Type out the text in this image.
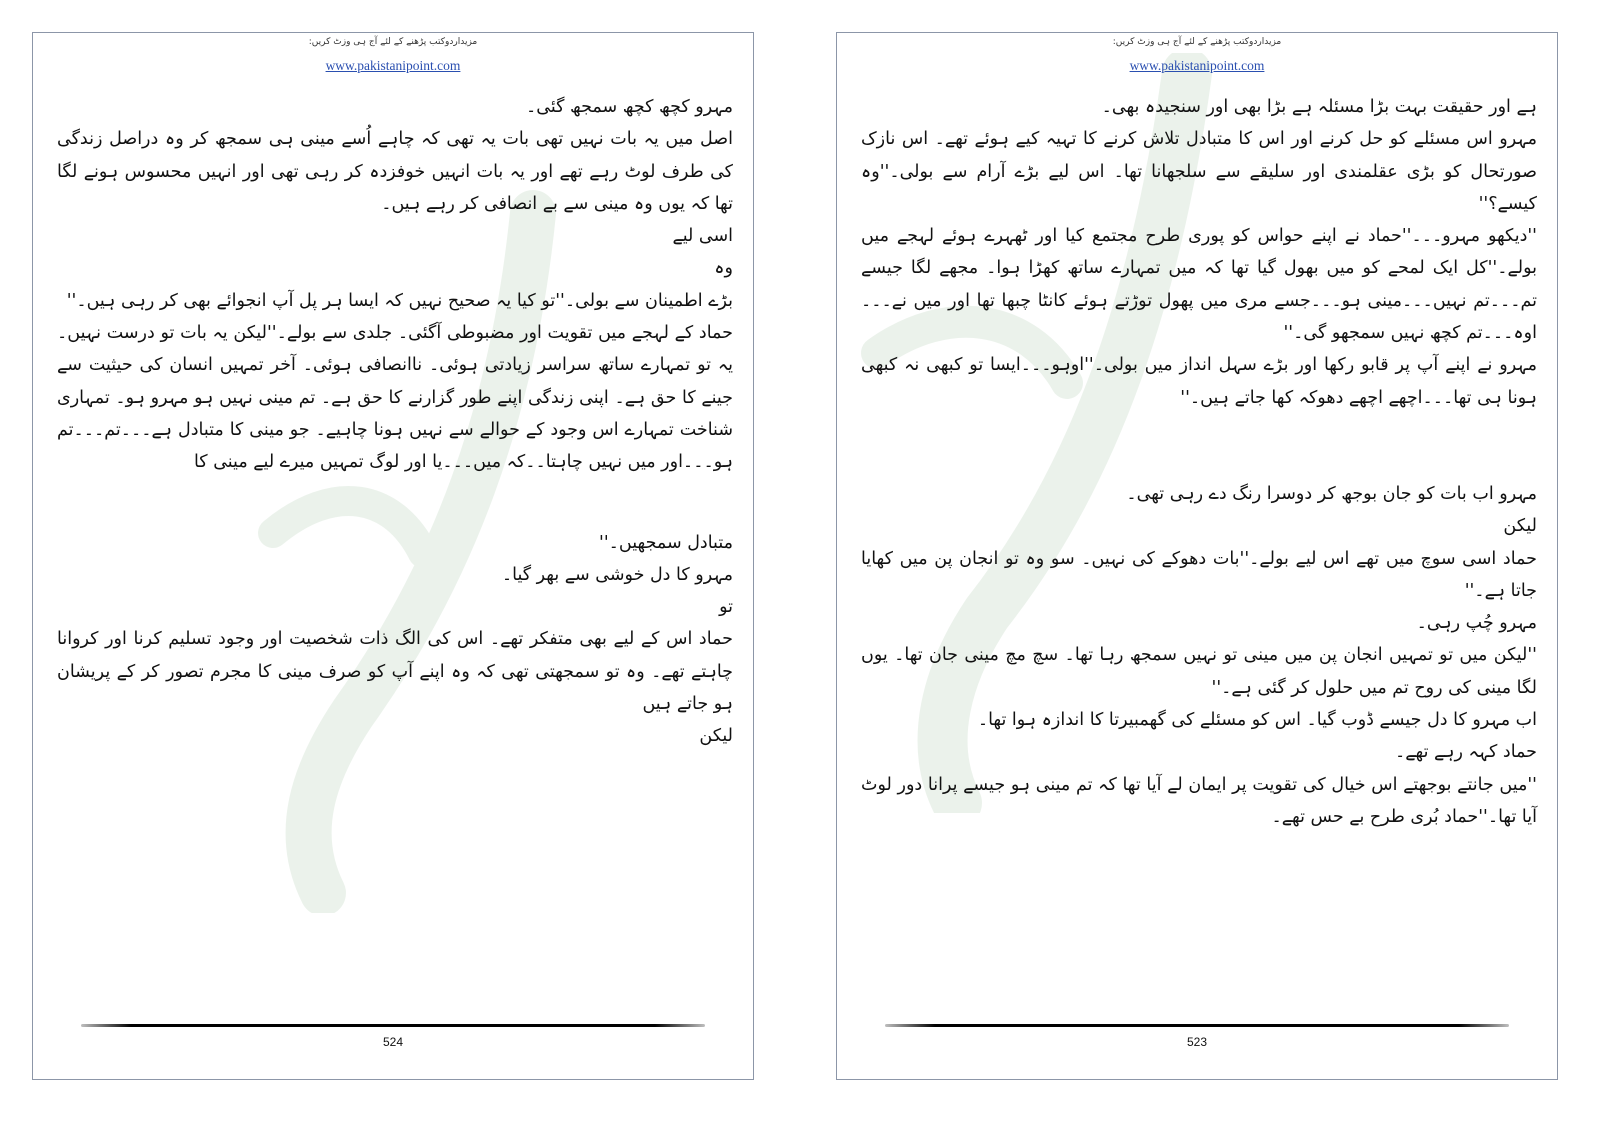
مزیداردوکتب پڑھنے کے لئے آج ہی وزٹ کریں:
www.pakistanipoint.com

مہرو کچھ کچھ سمجھ گئی۔

اصل میں یہ بات نہیں تھی بات یہ تھی کہ چاہے اُسے مینی ہی سمجھ کر وہ دراصل زندگی کی طرف لوٹ رہے تھے اور یہ بات انہیں خوفزدہ کر رہی تھی اور انہیں محسوس ہونے لگا تھا کہ یوں وہ مینی سے بے انصافی کر رہے ہیں۔

اسی لیے

وہ

بڑے اطمینان سے بولی۔''تو کیا یہ صحیح نہیں کہ ایسا ہر پل آپ انجوائے بھی کر رہی ہیں۔''

حماد کے لہجے میں تقویت اور مضبوطی آگئی۔ جلدی سے بولے۔''لیکن یہ بات تو درست نہیں۔ یہ تو تمہارے ساتھ سراسر زیادتی ہوئی۔ ناانصافی ہوئی۔ آخر تمہیں انسان کی حیثیت سے جینے کا حق ہے۔ اپنی زندگی اپنے طور گزارنے کا حق ہے۔ تم مینی نہیں ہو مہرو ہو۔ تمہاری شناخت تمہارے اس وجود کے حوالے سے نہیں ہونا چاہیے۔ جو مینی کا متبادل ہے۔۔۔تم۔۔۔تم ہو۔۔۔اور میں نہیں چاہتا۔۔کہ میں۔۔۔یا اور لوگ تمہیں میرے لیے مینی کا

متبادل سمجھیں۔''

مہرو کا دل خوشی سے بھر گیا۔

تو

حماد اس کے لیے بھی متفکر تھے۔ اس کی الگ ذات شخصیت اور وجود تسلیم کرنا اور کروانا چاہتے تھے۔ وہ تو سمجھتی تھی کہ وہ اپنے آپ کو صرف مینی کا مجرم تصور کر کے پریشان ہو جاتے ہیں

لیکن

524
مزیداردوکتب پڑھنے کے لئے آج ہی وزٹ کریں:
www.pakistanipoint.com

ہے اور حقیقت بہت بڑا مسئلہ ہے بڑا بھی اور سنجیدہ بھی۔

مہرو اس مسئلے کو حل کرنے اور اس کا متبادل تلاش کرنے کا تہیہ کیے ہوئے تھے۔ اس نازک صورتحال کو بڑی عقلمندی اور سلیقے سے سلجھانا تھا۔ اس لیے بڑے آرام سے بولی۔''وہ کیسے؟''

''دیکھو مہرو۔۔۔''حماد نے اپنے حواس کو پوری طرح مجتمع کیا اور ٹھہرے ہوئے لہجے میں بولے۔''کل ایک لمحے کو میں بھول گیا تھا کہ میں تمہارے ساتھ کھڑا ہوا۔ مجھے لگا جیسے تم۔۔۔تم نہیں۔۔۔مینی ہو۔۔۔جسے مری میں پھول توڑتے ہوئے کانٹا چبھا تھا اور میں نے۔۔۔اوہ۔۔۔تم کچھ نہیں سمجھو گی۔''

مہرو نے اپنے آپ پر قابو رکھا اور بڑے سہل انداز میں بولی۔''اوہو۔۔۔ایسا تو کبھی نہ کبھی ہونا ہی تھا۔۔۔اچھے اچھے دھوکہ کھا جاتے ہیں۔''

مہرو اب بات کو جان بوجھ کر دوسرا رنگ دے رہی تھی۔

لیکن

حماد اسی سوچ میں تھے اس لیے بولے۔''بات دھوکے کی نہیں۔ سو وہ تو انجان پن میں کھایا جاتا ہے۔''

مہرو چُپ رہی۔

''لیکن میں تو تمہیں انجان پن میں مینی تو نہیں سمجھ رہا تھا۔ سچ مچ مینی جان تھا۔ یوں لگا مینی کی روح تم میں حلول کر گئی ہے۔''

اب مہرو کا دل جیسے ڈوب گیا۔ اس کو مسئلے کی گھمبیرتا کا اندازہ ہوا تھا۔

حماد کہہ رہے تھے۔

''میں جانتے بوجھتے اس خیال کی تقویت پر ایمان لے آیا تھا کہ تم مینی ہو جیسے پرانا دور لوٹ آیا تھا۔''حماد بُری طرح بے حس تھے۔

523
